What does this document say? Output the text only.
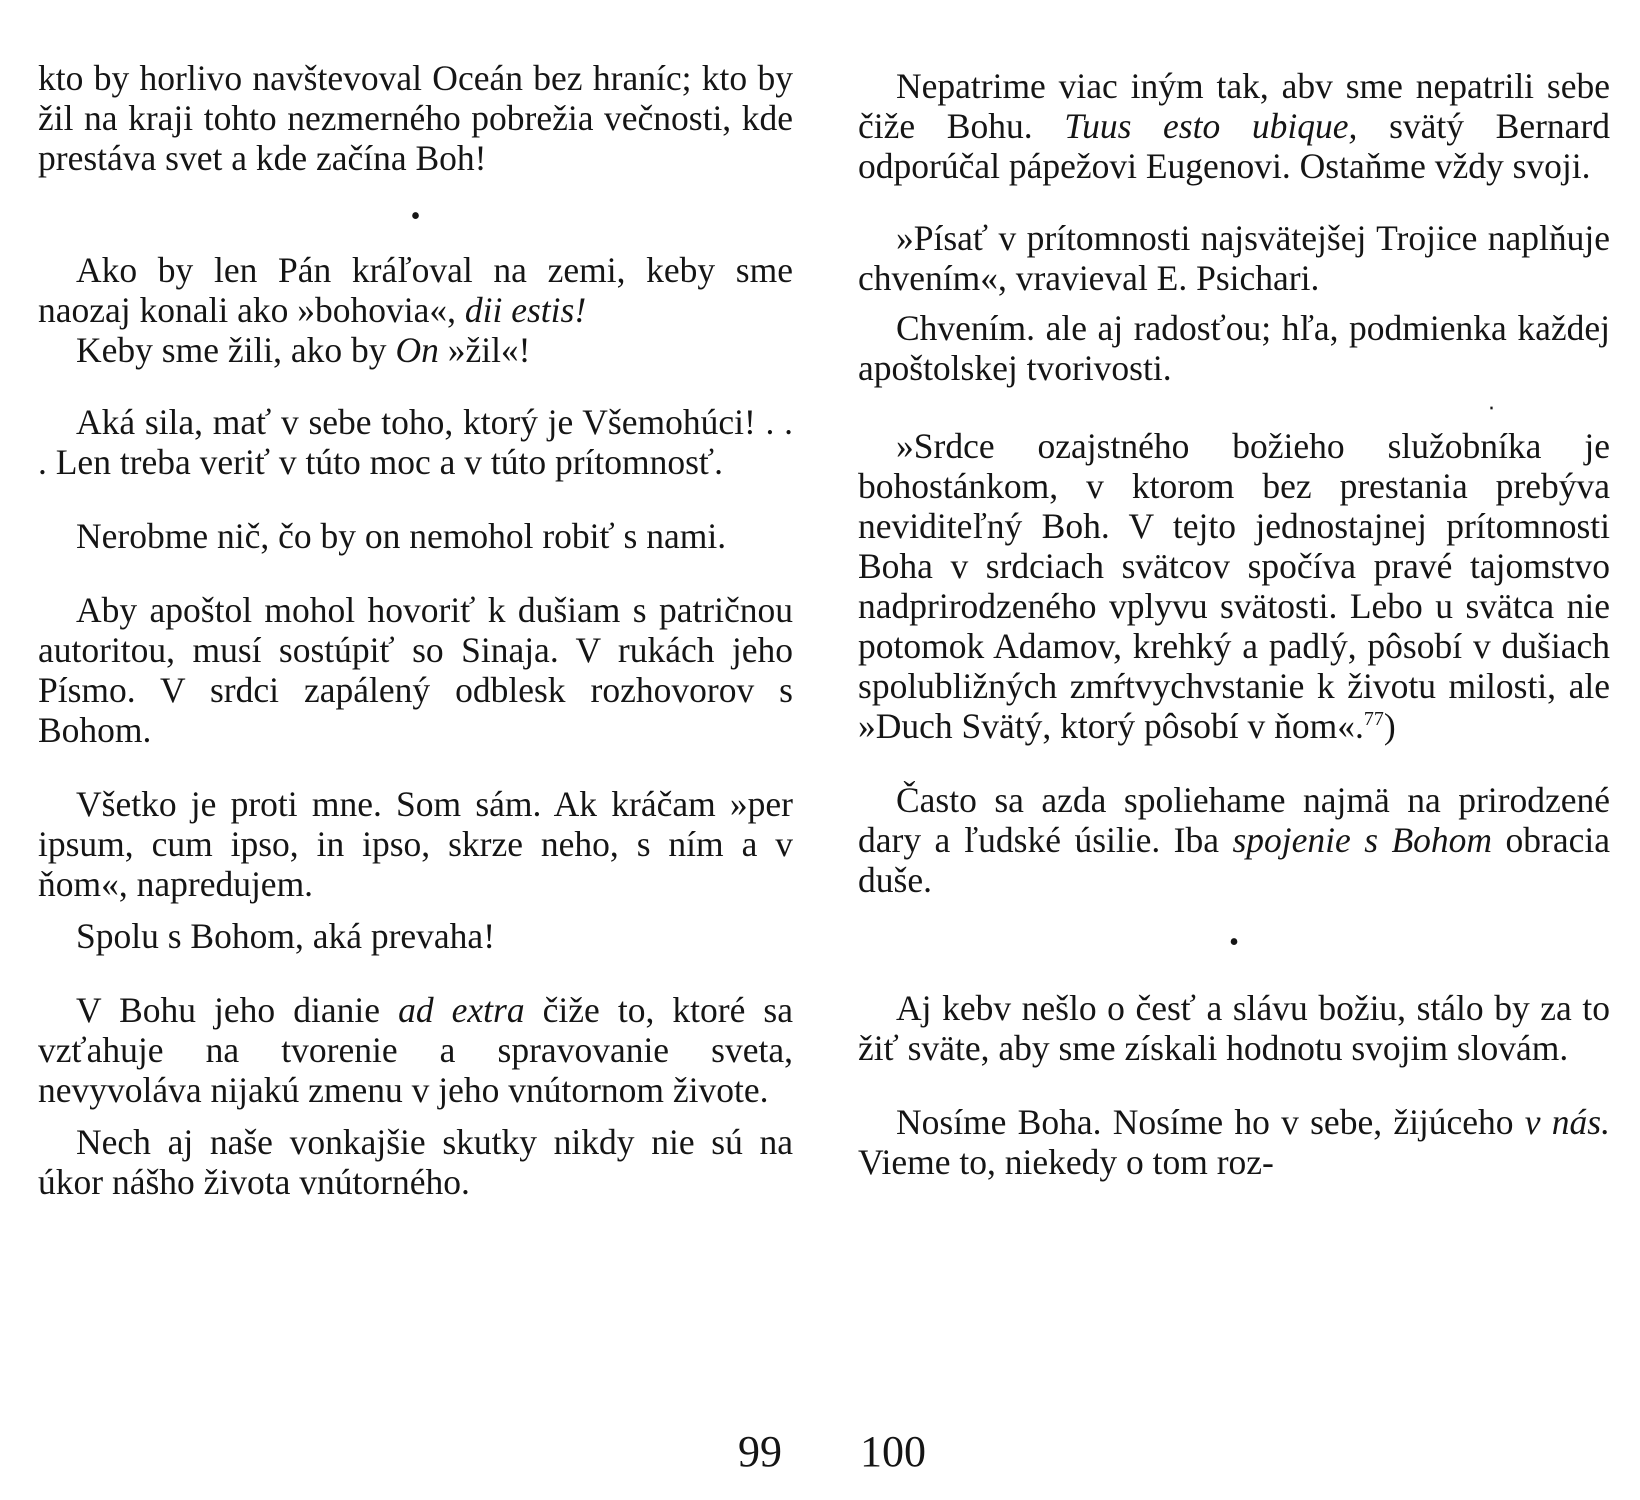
kto by horlivo navštevoval Oceán bez hraníc; kto by žil na kraji tohto nezmerného pobrežia večnosti, kde prestáva svet a kde začína Boh!

•

Ako by len Pán kráľoval na zemi, keby sme naozaj konali ako »bohovia«, dii estis!

Keby sme žili, ako by On »žil«!

Aká sila, mať v sebe toho, ktorý je Všemohúci! . . . Len treba veriť v túto moc a v túto prítomnosť.

Nerobme nič, čo by on nemohol robiť s nami.

Aby apoštol mohol hovoriť k dušiam s patričnou autoritou, musí sostúpiť so Sinaja. V rukách jeho Písmo. V srdci zapálený odblesk rozhovorov s Bohom.

Všetko je proti mne. Som sám. Ak kráčam »per ipsum, cum ipso, in ipso, skrze neho, s ním a v ňom«, napredujem.

Spolu s Bohom, aká prevaha!

V Bohu jeho dianie ad extra čiže to, ktoré sa vzťahuje na tvorenie a spravovanie sveta, nevyvoláva nijakú zmenu v jeho vnútornom živote.

Nech aj naše vonkajšie skutky nikdy nie sú na úkor nášho života vnútorného.

99

Nepatrime viac iným tak, abv sme nepatrili sebe čiže Bohu. Tuus esto ubique, svätý Bernard odporúčal pápežovi Eugenovi. Ostaňme vždy svoji.

»Písať v prítomnosti najsvätejšej Trojice naplňuje chvením«, vravieval E. Psichari.

Chvením. ale aj radosťou; hľa, podmienka každej apoštolskej tvorivosti.

‧

»Srdce ozajstného božieho služobníka je bohostánkom, v ktorom bez prestania prebýva neviditeľný Boh. V tejto jednostajnej prítomnosti Boha v srdciach svätcov spočíva pravé tajomstvo nadprirodzeného vplyvu svätosti. Lebo u svätca nie potomok Adamov, krehký a padlý, pôsobí v dušiach spolubližných zmŕtvychvstanie k životu milosti, ale »Duch Svätý, ktorý pôsobí v ňom«.$^{77}$)

Často sa azda spoliehame najmä na prirodzené dary a ľudské úsilie. Iba spojenie s Bohom obracia duše.

•

Aj kebv nešlo o česť a slávu božiu, stálo by za to žiť sväte, aby sme získali hodnotu svojim slovám.

Nosíme Boha. Nosíme ho v sebe, žijúceho v nás. Vieme to, niekedy o tom roz-

100
